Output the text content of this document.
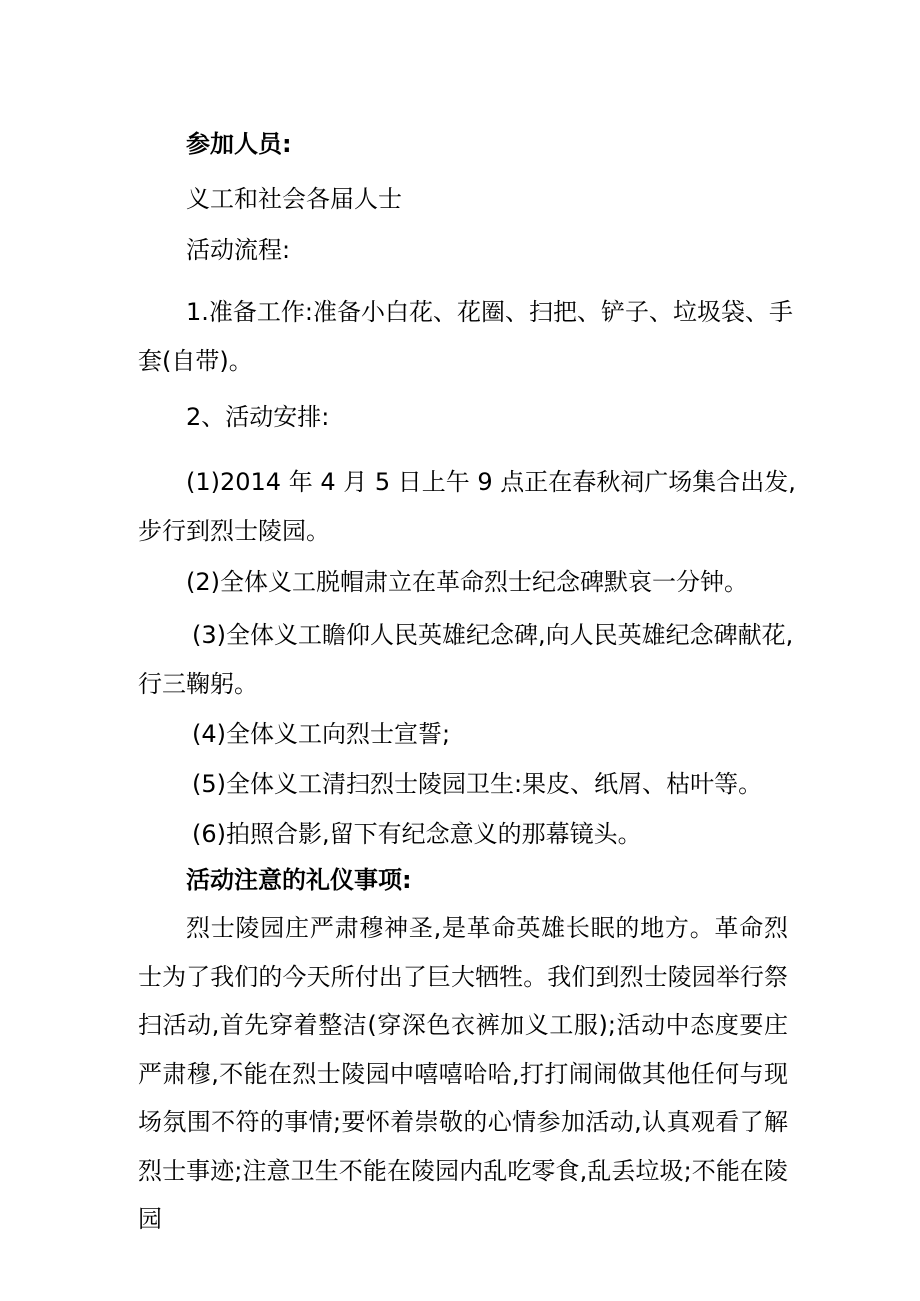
参加人员:

义工和社会各届人士

活动流程:

1.准备工作:准备小白花、花圈、扫把、铲子、垃圾袋、手

套(自带)。

2、活动安排:

(1)2014 年 4 月 5 日上午 9 点正在春秋祠广场集合出发,

步行到烈士陵园。

(2)全体义工脱帽肃立在革命烈士纪念碑默哀一分钟。

(3)全体义工瞻仰人民英雄纪念碑,向人民英雄纪念碑献花,

行三鞠躬。

(4)全体义工向烈士宣誓;

(5)全体义工清扫烈士陵园卫生:果皮、纸屑、枯叶等。

(6)拍照合影,留下有纪念意义的那幕镜头。

活动注意的礼仪事项:

烈士陵园庄严肃穆神圣,是革命英雄长眠的地方。革命烈士为了我们的今天所付出了巨大牺牲。我们到烈士陵园举行祭扫活动,首先穿着整洁(穿深色衣裤加义工服);活动中态度要庄严肃穆,不能在烈士陵园中嘻嘻哈哈,打打闹闹做其他任何与现场氛围不符的事情;要怀着崇敬的心情参加活动,认真观看了解烈士事迹;注意卫生不能在陵园内乱吃零食,乱丢垃圾;不能在陵园
